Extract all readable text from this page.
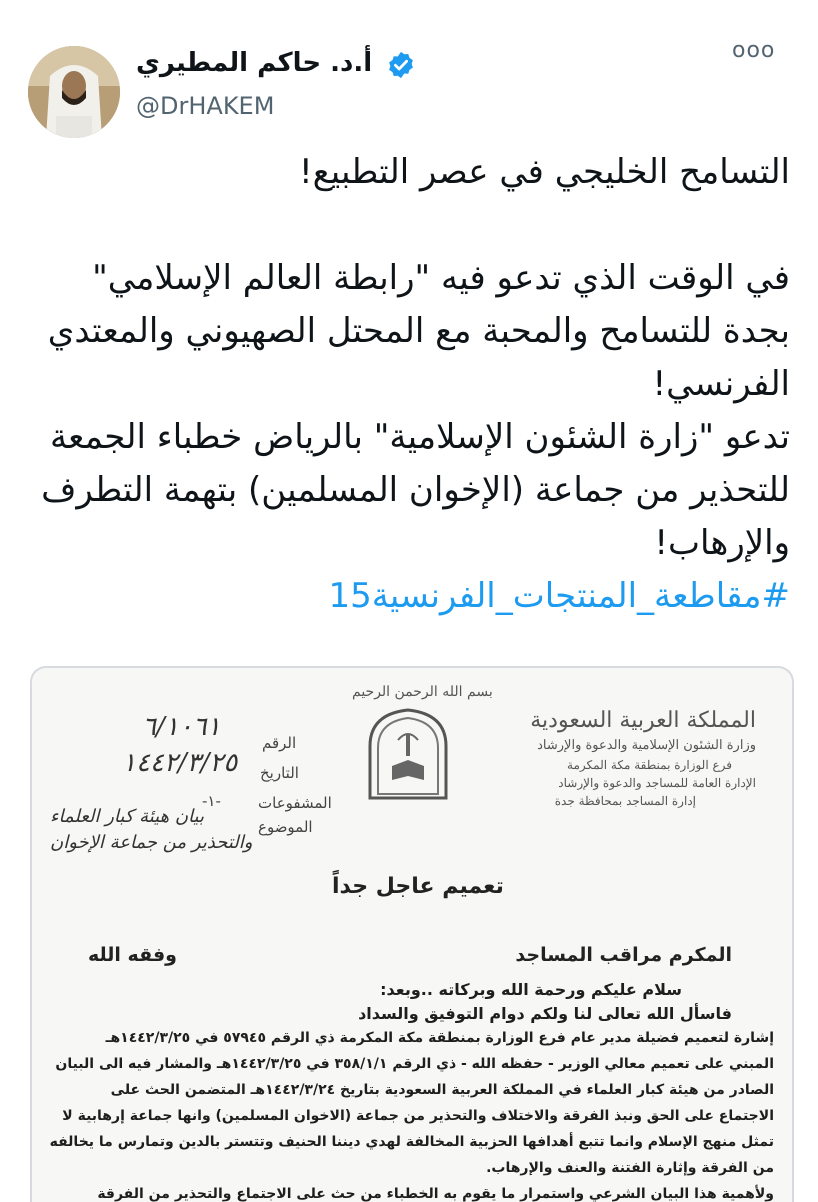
أ.د. حاكم المطيري
@DrHAKEM
ooo

التسامح الخليجي في عصر التطبيع!

في الوقت الذي تدعو فيه "رابطة العالم الإسلامي" بجدة للتسامح والمحبة مع المحتل الصهيوني والمعتدي الفرنسي!

تدعو "زارة الشئون الإسلامية" بالرياض خطباء الجمعة للتحذير من جماعة (الإخوان المسلمين) بتهمة التطرف والإرهاب!

#مقاطعة_المنتجات_الفرنسية15

بسم الله الرحمن الرحيم
المملكة العربية السعودية
وزارة الشئون الإسلامية والدعوة والإرشاد
فرع الوزارة بمنطقة مكة المكرمة
الإدارة العامة للمساجد والدعوة والإرشاد
إدارة المساجد بمحافظة جدة
الرقم
٦/١٠٦١
التاريخ
١٤٤٢/٣/٢٥
المشفوعات
-١-
الموضوع
بيان هيئة كبار العلماء
والتحذير من جماعة الإخوان
تعميم عاجل جداً
المكرم مراقب المساجد
وفقه الله
سلام عليكم ورحمة الله وبركاته ..وبعد:
فاسأل الله تعالى لنا ولكم دوام التوفيق والسداد
إشارة لتعميم فضيلة مدير عام فرع الوزارة بمنطقة مكة المكرمة ذي الرقم ٥٧٩٤٥ في ١٤٤٢/٣/٢٥هـ
المبني على تعميم معالي الوزير - حفظه الله - ذي الرقم ٣٥٨/١/١ في ١٤٤٢/٣/٢٥هـ والمشار فيه الى البيان
الصادر من هيئة كبار العلماء في المملكة العربية السعودية بتاريخ ١٤٤٢/٣/٢٤هـ المتضمن الحث على
الاجتماع على الحق ونبذ الفرقة والاختلاف والتحذير من جماعة (الاخوان المسلمين) وانها جماعة إرهابية لا
تمثل منهج الإسلام وانما تتبع أهدافها الحزبية المخالفة لهدي ديننا الحنيف وتتستر بالدين وتمارس ما يخالفه
من الفرقة وإثارة الفتنة والعنف والإرهاب.
ولأهمية هذا البيان الشرعي واستمرار ما يقوم به الخطباء من حث على الاجتماع والتحذير من الفرقة
